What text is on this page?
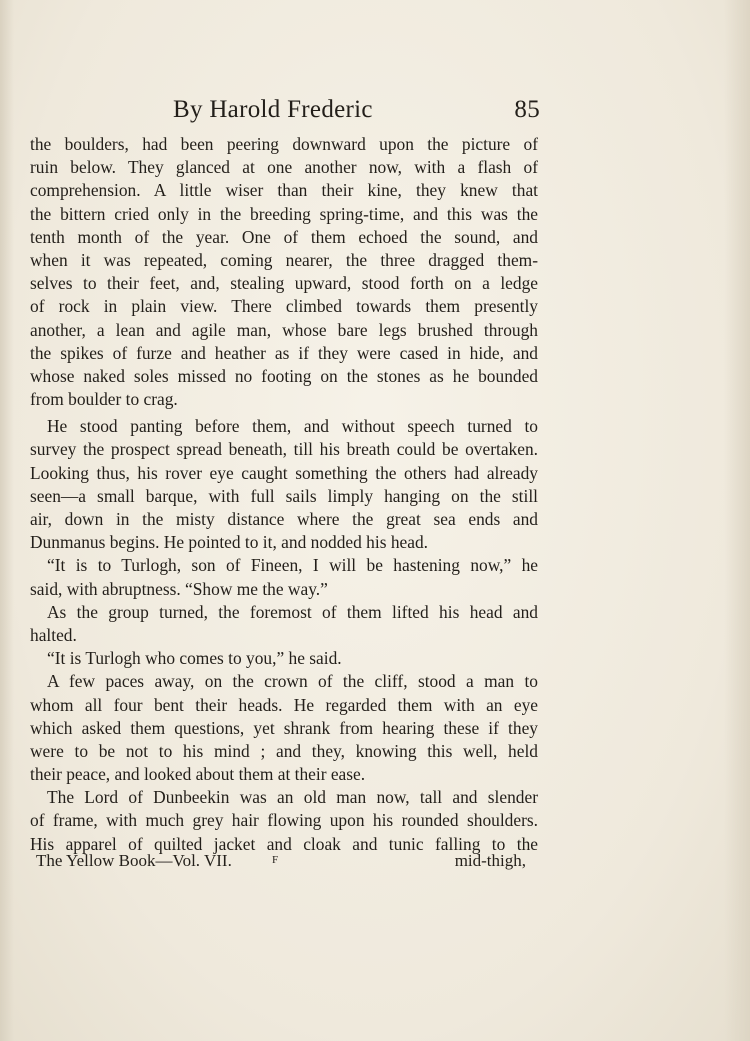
By Harold Frederic	85
the boulders, had been peering downward upon the picture of
ruin below. They glanced at one another now, with a flash of
comprehension. A little wiser than their kine, they knew that
the bittern cried only in the breeding spring-time, and this was the
tenth month of the year. One of them echoed the sound, and
when it was repeated, coming nearer, the three dragged them-
selves to their feet, and, stealing upward, stood forth on a ledge
of rock in plain view. There climbed towards them presently
another, a lean and agile man, whose bare legs brushed through
the spikes of furze and heather as if they were cased in hide, and
whose naked soles missed no footing on the stones as he bounded
from boulder to crag.
He stood panting before them, and without speech turned to
survey the prospect spread beneath, till his breath could be overtaken.
Looking thus, his rover eye caught something the others had already
seen—a small barque, with full sails limply hanging on the still
air, down in the misty distance where the great sea ends and
Dunmanus begins. He pointed to it, and nodded his head.
“It is to Turlogh, son of Fineen, I will be hastening now,” he
said, with abruptness. “Show me the way.”
As the group turned, the foremost of them lifted his head and
halted.
“It is Turlogh who comes to you,” he said.
A few paces away, on the crown of the cliff, stood a man to
whom all four bent their heads. He regarded them with an eye
which asked them questions, yet shrank from hearing these if they
were to be not to his mind ; and they, knowing this well, held
their peace, and looked about them at their ease.
The Lord of Dunbeekin was an old man now, tall and slender
of frame, with much grey hair flowing upon his rounded shoulders.
His apparel of quilted jacket and cloak and tunic falling to the
The Yellow Book—Vol. VII.	F	mid-thigh,
